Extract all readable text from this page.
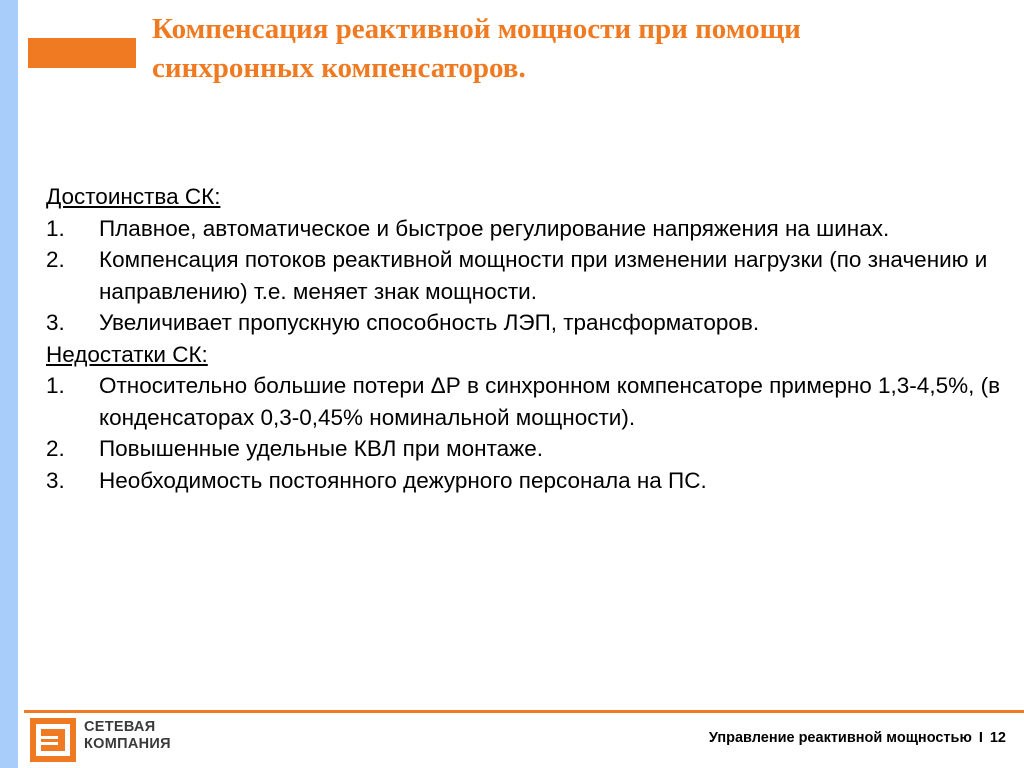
Компенсация реактивной мощности при помощи
синхронных компенсаторов.
Достоинства СК:
1.	Плавное, автоматическое и быстрое регулирование напряжения на шинах.
2.	Компенсация потоков реактивной мощности при изменении нагрузки (по значению и направлению) т.е. меняет знак мощности.
3.	Увеличивает пропускную способность ЛЭП, трансформаторов.
Недостатки СК:
1.	Относительно большие потери ΔР в синхронном компенсаторе примерно 1,3-4,5%, (в конденсаторах 0,3-0,45% номинальной мощности).
2.	Повышенные удельные КВЛ при монтаже.
3.	Необходимость постоянного дежурного персонала на ПС.
СЕТЕВАЯ
КОМПАНИЯ	Управление реактивной мощностью I 12
